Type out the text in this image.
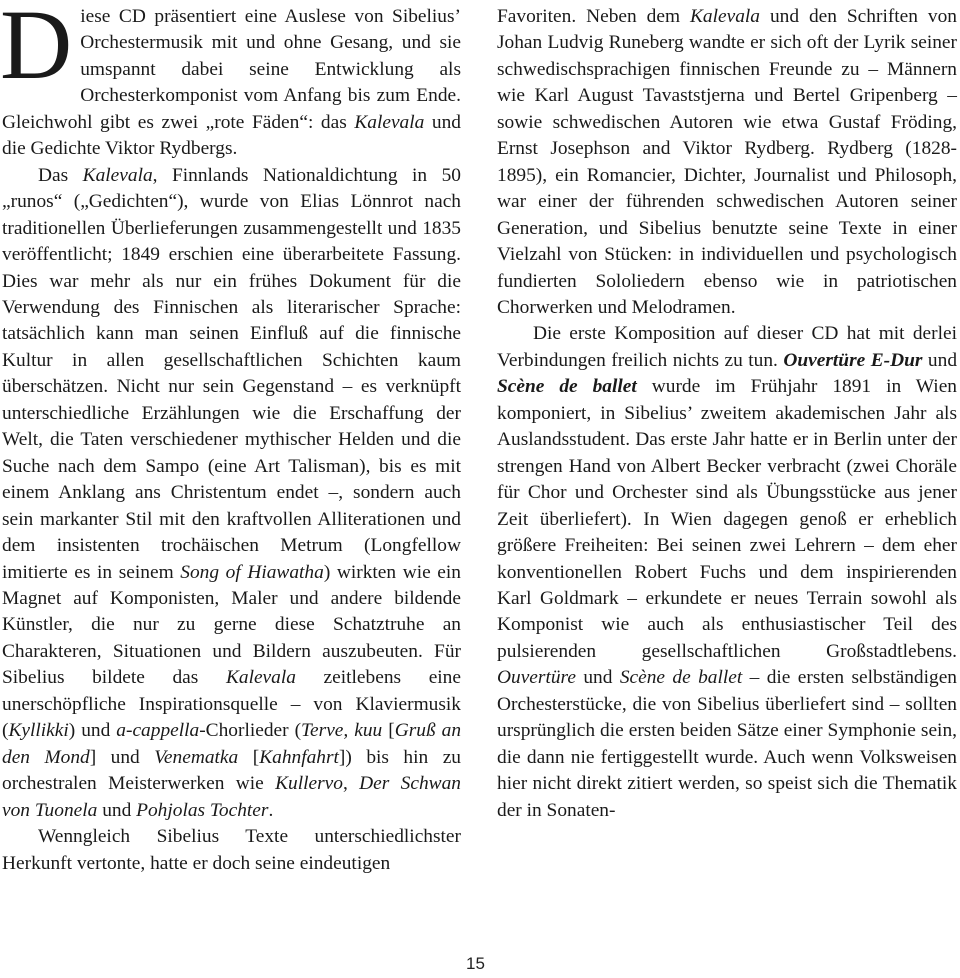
D iese CD präsentiert eine Auslese von Sibelius’ Orchestermusik mit und ohne Gesang, und sie umspannt dabei seine Entwicklung als Orchesterkomponist vom Anfang bis zum Ende. Gleichwohl gibt es zwei „rote Fäden“: das Kalevala und die Gedichte Viktor Rydbergs.

Das Kalevala, Finnlands Nationaldichtung in 50 „runos“ („Gedichten“), wurde von Elias Lönnrot nach traditionellen Überlieferungen zusammengestellt und 1835 veröffentlicht; 1849 erschien eine überarbeitete Fassung. Dies war mehr als nur ein frühes Dokument für die Verwendung des Finnischen als literarischer Sprache: tatsächlich kann man seinen Einfluß auf die finnische Kultur in allen gesellschaftlichen Schichten kaum überschätzen. Nicht nur sein Gegenstand – es verknüpft unterschiedliche Erzählungen wie die Erschaffung der Welt, die Taten verschiedener mythischer Helden und die Suche nach dem Sampo (eine Art Talisman), bis es mit einem Anklang ans Christentum endet –, sondern auch sein markanter Stil mit den kraftvollen Alliterationen und dem insistenten trochäischen Metrum (Longfellow imitierte es in seinem Song of Hiawatha) wirkten wie ein Magnet auf Komponisten, Maler und andere bildende Künstler, die nur zu gerne diese Schatztruhe an Charakteren, Situationen und Bildern auszubeuten. Für Sibelius bildete das Kalevala zeitlebens eine unerschöpfliche Inspirationsquelle – von Klaviermusik (Kyllikki) und a-cappella-Chorlieder (Terve, kuu [Gruß an den Mond] und Venematka [Kahnfahrt]) bis hin zu orchestralen Meisterwerken wie Kullervo, Der Schwan von Tuonela und Pohjolas Tochter.

Wenngleich Sibelius Texte unterschiedlichster Herkunft vertonte, hatte er doch seine eindeutigen

Favoriten. Neben dem Kalevala und den Schriften von Johan Ludvig Runeberg wandte er sich oft der Lyrik seiner schwedischsprachigen finnischen Freunde zu – Männern wie Karl August Tavaststjerna und Bertel Gripenberg – sowie schwedischen Autoren wie etwa Gustaf Fröding, Ernst Josephson and Viktor Rydberg. Rydberg (1828-1895), ein Romancier, Dichter, Journalist und Philosoph, war einer der führenden schwedischen Autoren seiner Generation, und Sibelius benutzte seine Texte in einer Vielzahl von Stücken: in individuellen und psychologisch fundierten Sololiedern ebenso wie in patriotischen Chorwerken und Melodramen.

Die erste Komposition auf dieser CD hat mit derlei Verbindungen freilich nichts zu tun. Ouvertüre E-Dur und Scène de ballet wurde im Frühjahr 1891 in Wien komponiert, in Sibelius’ zweitem akademischen Jahr als Auslandsstudent. Das erste Jahr hatte er in Berlin unter der strengen Hand von Albert Becker verbracht (zwei Choräle für Chor und Orchester sind als Übungsstücke aus jener Zeit überliefert). In Wien dagegen genoß er erheblich größere Freiheiten: Bei seinen zwei Lehrern – dem eher konventionellen Robert Fuchs und dem inspirierenden Karl Goldmark – erkundete er neues Terrain sowohl als Komponist wie auch als enthusiastischer Teil des pulsierenden gesellschaftlichen Großstadtlebens. Ouvertüre und Scène de ballet – die ersten selbständigen Orchesterstücke, die von Sibelius überliefert sind – sollten ursprünglich die ersten beiden Sätze einer Symphonie sein, die dann nie fertiggestellt wurde. Auch wenn Volksweisen hier nicht direkt zitiert werden, so speist sich die Thematik der in Sonaten-

15
